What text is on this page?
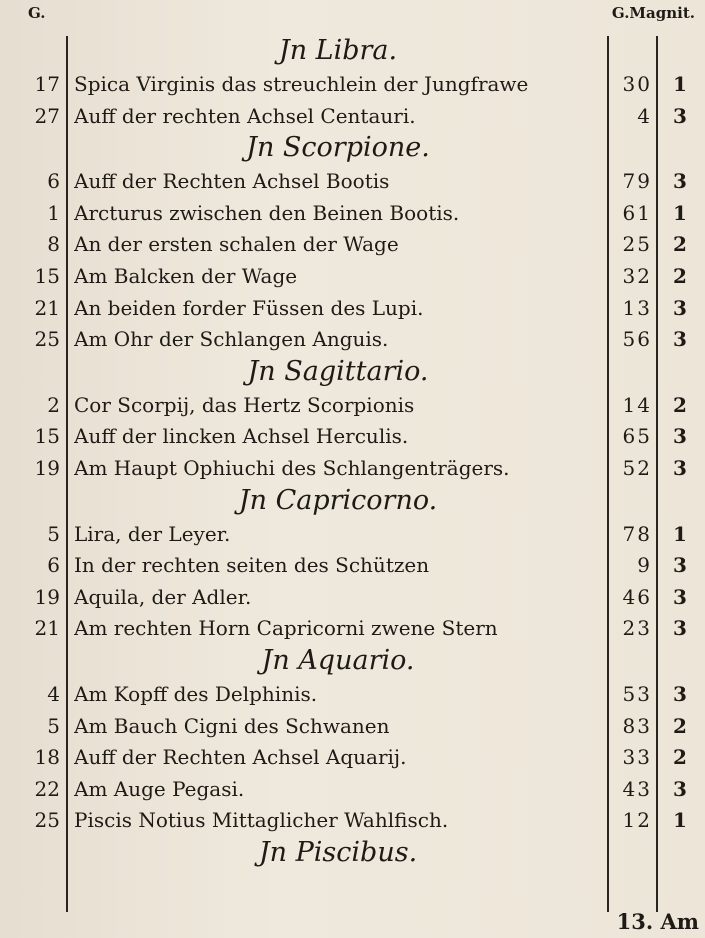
G.	G.Magnit.
Jn Libra.
17 Spica Virginis das streuchlein der Jungfrawe	30	1
27 Auff der rechten Achsel Centauri.	4	3
Jn Scorpione.
6 Auff der Rechten Achsel Bootis	79	3
1 Arcturus zwischen den Beinen Bootis.	61	1
8 An der ersten schalen der Wage	25	2
15 Am Balcken der Wage	32	2
21 An beiden forder Füssen des Lupi.	13	3
25 Am Ohr der Schlangen Anguis.	56	3
Jn Sagittario.
2 Cor Scorpij, das Hertz Scorpionis	14	2
15 Auff der lincken Achsel Herculis.	65	3
19 Am Haupt Ophiuchi des Schlangenträgers.	52	3
Jn Capricorno.
5 Lira, der Leyer.	78	1
6 In der rechten seiten des Schützen	9	3
19 Aquila, der Adler.	46	3
21 Am rechten Horn Capricorni zwene Stern	23	3
Jn Aquario.
4 Am Kopff des Delphinis.	53	3
5 Am Bauch Cigni des Schwanen	83	2
18 Auff der Rechten Achsel Aquarij.	33	2
22 Am Auge Pegasi.	43	3
25 Piscis Notius Mittaglicher Wahlfisch.	12	1
Jn Piscibus.
13. Am
